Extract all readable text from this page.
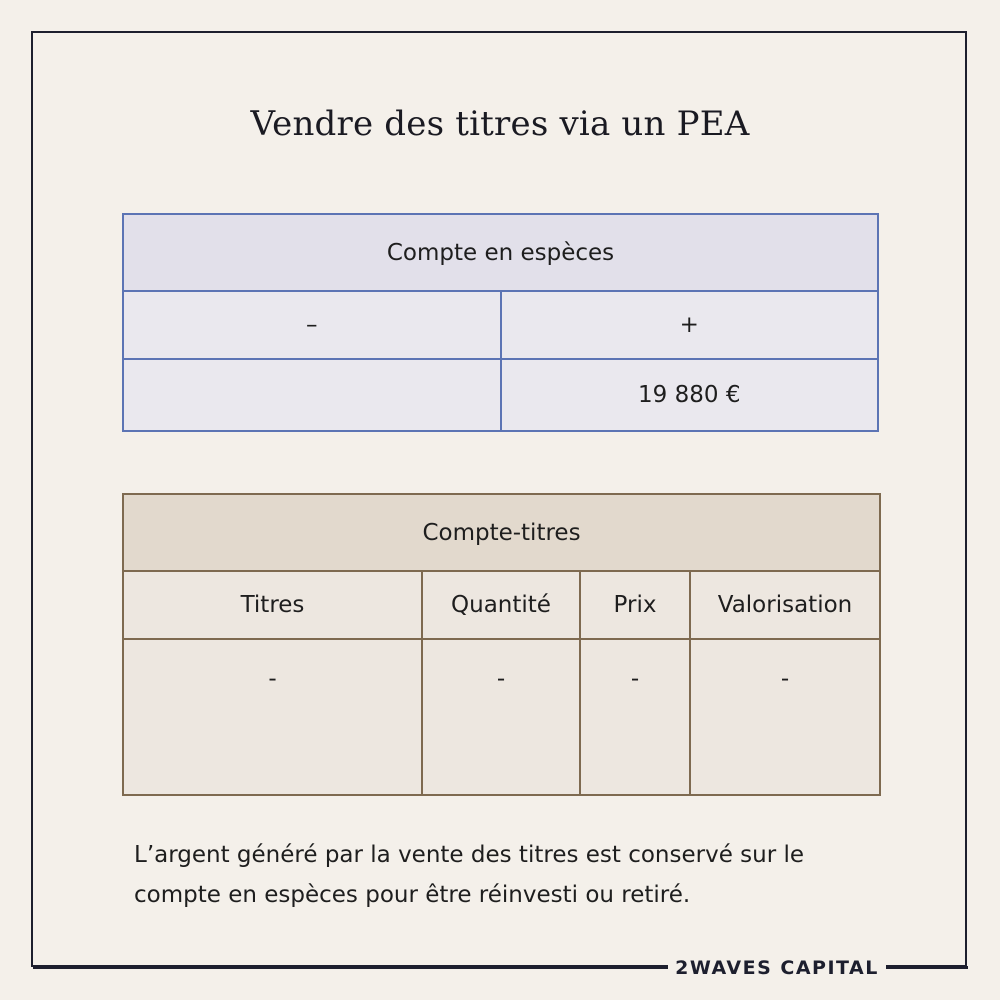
Vendre des titres via un PEA
Compte en espèces	
–	+
	19 880 €
Compte-titres			
Titres	Quantité	Prix	Valorisation
-	-	-	-
L’argent généré par la vente des titres est conservé sur le compte en espèces pour être réinvesti ou retiré.
2WAVES CAPITAL
